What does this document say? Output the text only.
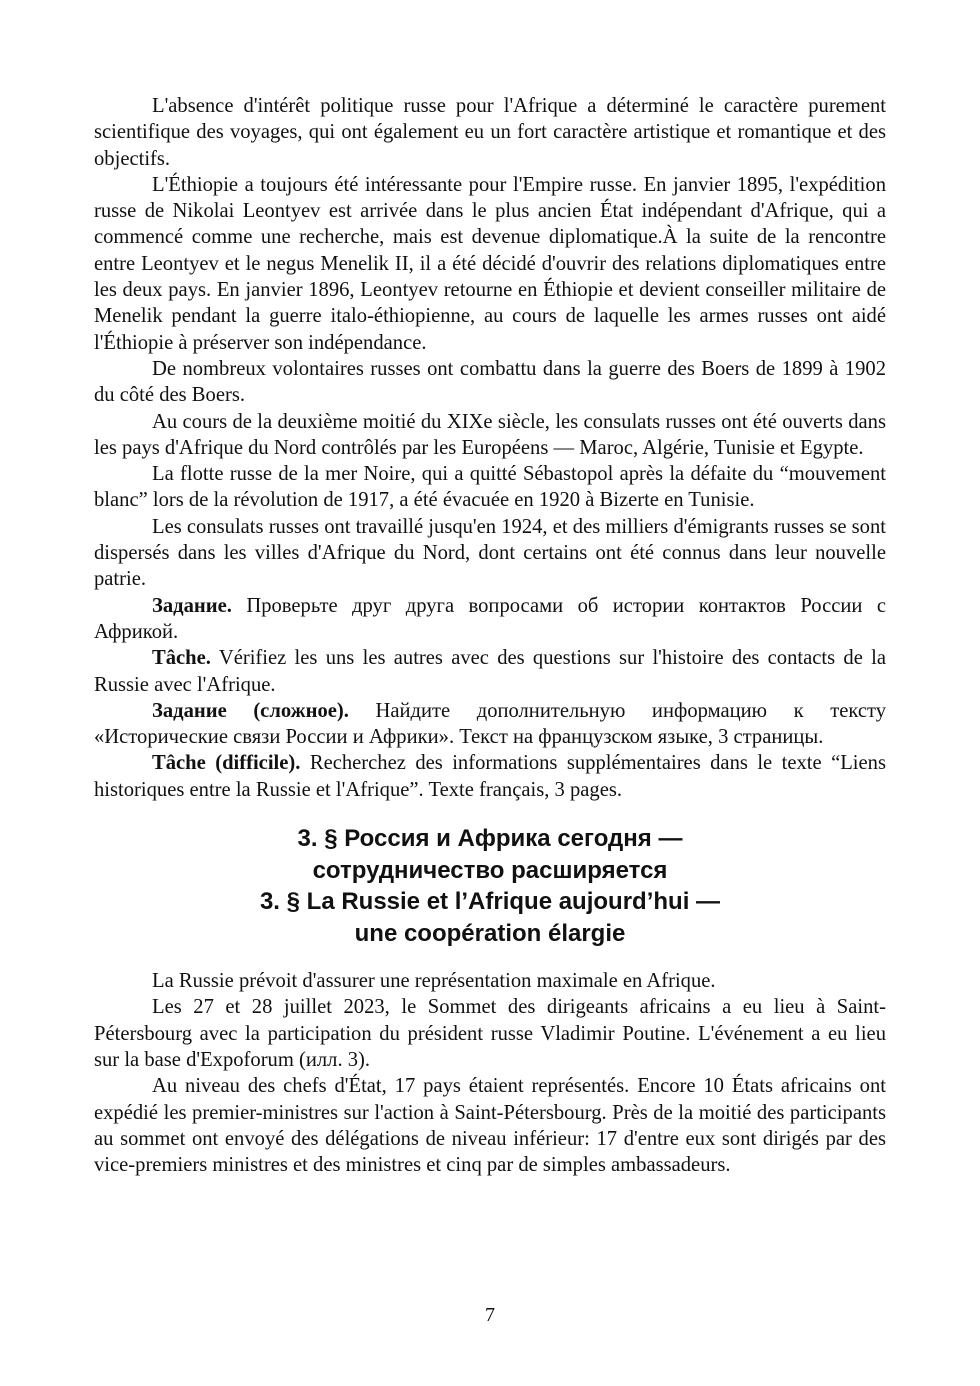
L'absence d'intérêt politique russe pour l'Afrique a déterminé le caractère purement scientifique des voyages, qui ont également eu un fort caractère artistique et romantique et des objectifs.

L'Éthiopie a toujours été intéressante pour l'Empire russe. En janvier 1895, l'expédition russe de Nikolai Leontyev est arrivée dans le plus ancien État indépendant d'Afrique, qui a commencé comme une recherche, mais est devenue diplomatique.À la suite de la rencontre entre Leontyev et le negus Menelik II, il a été décidé d'ouvrir des relations diplomatiques entre les deux pays. En janvier 1896, Leontyev retourne en Éthiopie et devient conseiller militaire de Menelik pendant la guerre italo-éthiopienne, au cours de laquelle les armes russes ont aidé l'Éthiopie à préserver son indépendance.

De nombreux volontaires russes ont combattu dans la guerre des Boers de 1899 à 1902 du côté des Boers.

Au cours de la deuxième moitié du XIXe siècle, les consulats russes ont été ouverts dans les pays d'Afrique du Nord contrôlés par les Européens — Maroc, Algérie, Tunisie et Egypte.

La flotte russe de la mer Noire, qui a quitté Sébastopol après la défaite du “mouvement blanc” lors de la révolution de 1917, a été évacuée en 1920 à Bizerte en Tunisie.

Les consulats russes ont travaillé jusqu'en 1924, et des milliers d'émigrants russes se sont dispersés dans les villes d'Afrique du Nord, dont certains ont été connus dans leur nouvelle patrie.

Задание. Проверьте друг друга вопросами об истории контактов России с Африкой.

Tâche. Vérifiez les uns les autres avec des questions sur l'histoire des contacts de la Russie avec l'Afrique.

Задание (сложное). Найдите дополнительную информацию к тексту «Исторические связи России и Африки». Текст на французском языке, 3 страницы.

Tâche (difficile). Recherchez des informations supplémentaires dans le texte “Liens historiques entre la Russie et l'Afrique”. Texte français, 3 pages.

3. § Россия и Африка сегодня —
сотрудничество расширяется
3. § La Russie et l’Afrique aujourd’hui —
une coopération élargie

La Russie prévoit d'assurer une représentation maximale en Afrique.

Les 27 et 28 juillet 2023, le Sommet des dirigeants africains a eu lieu à Saint-Pétersbourg avec la participation du président russe Vladimir Poutine. L'événement a eu lieu sur la base d'Expoforum (илл. 3).

Au niveau des chefs d'État, 17 pays étaient représentés. Encore 10 États africains ont expédié les premier-ministres sur l'action à Saint-Pétersbourg. Près de la moitié des participants au sommet ont envoyé des délégations de niveau inférieur: 17 d'entre eux sont dirigés par des vice-premiers ministres et des ministres et cinq par de simples ambassadeurs.

7
